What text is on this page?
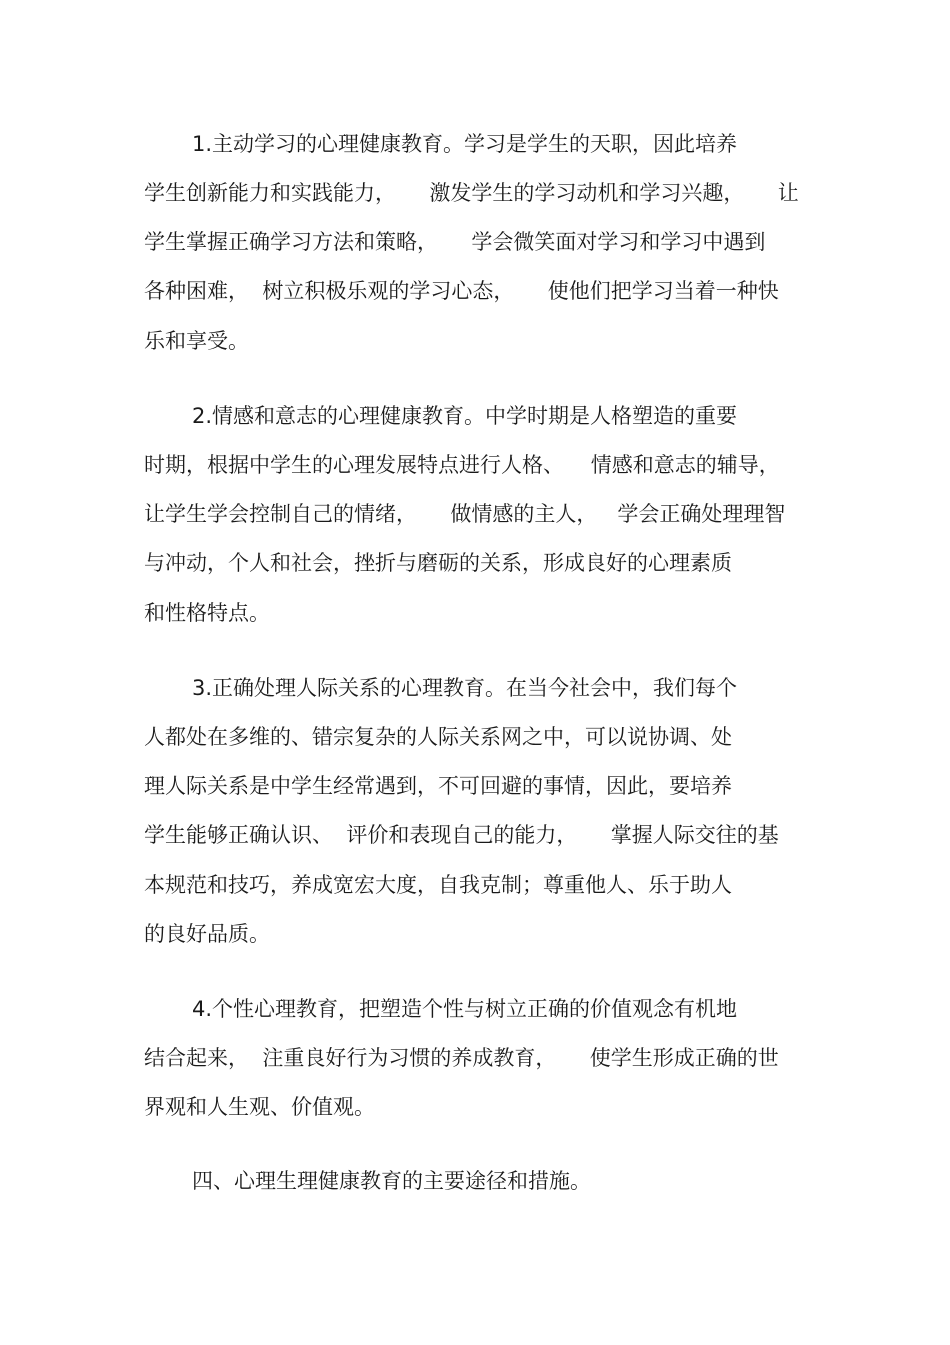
1.主动学习的心理健康教育。学习是学生的天职，因此培养
学生创新能力和实践能力，     激发学生的学习动机和学习兴趣，     让
学生掌握正确学习方法和策略，     学会微笑面对学习和学习中遇到
各种困难，  树立积极乐观的学习心态，     使他们把学习当着一种快
乐和享受。
2.情感和意志的心理健康教育。中学时期是人格塑造的重要
时期，根据中学生的心理发展特点进行人格、    情感和意志的辅导，
让学生学会控制自己的情绪，     做情感的主人，   学会正确处理理智
与冲动，个人和社会，挫折与磨砺的关系，形成良好的心理素质
和性格特点。
3.正确处理人际关系的心理教育。在当今社会中，我们每个
人都处在多维的、错宗复杂的人际关系网之中，可以说协调、处
理人际关系是中学生经常遇到，不可回避的事情，因此，要培养
学生能够正确认识、  评价和表现自己的能力，     掌握人际交往的基
本规范和技巧，养成宽宏大度，自我克制；尊重他人、乐于助人
的良好品质。
4.个性心理教育，把塑造个性与树立正确的价值观念有机地
结合起来，  注重良好行为习惯的养成教育，     使学生形成正确的世
界观和人生观、价值观。
四、心理生理健康教育的主要途径和措施。
